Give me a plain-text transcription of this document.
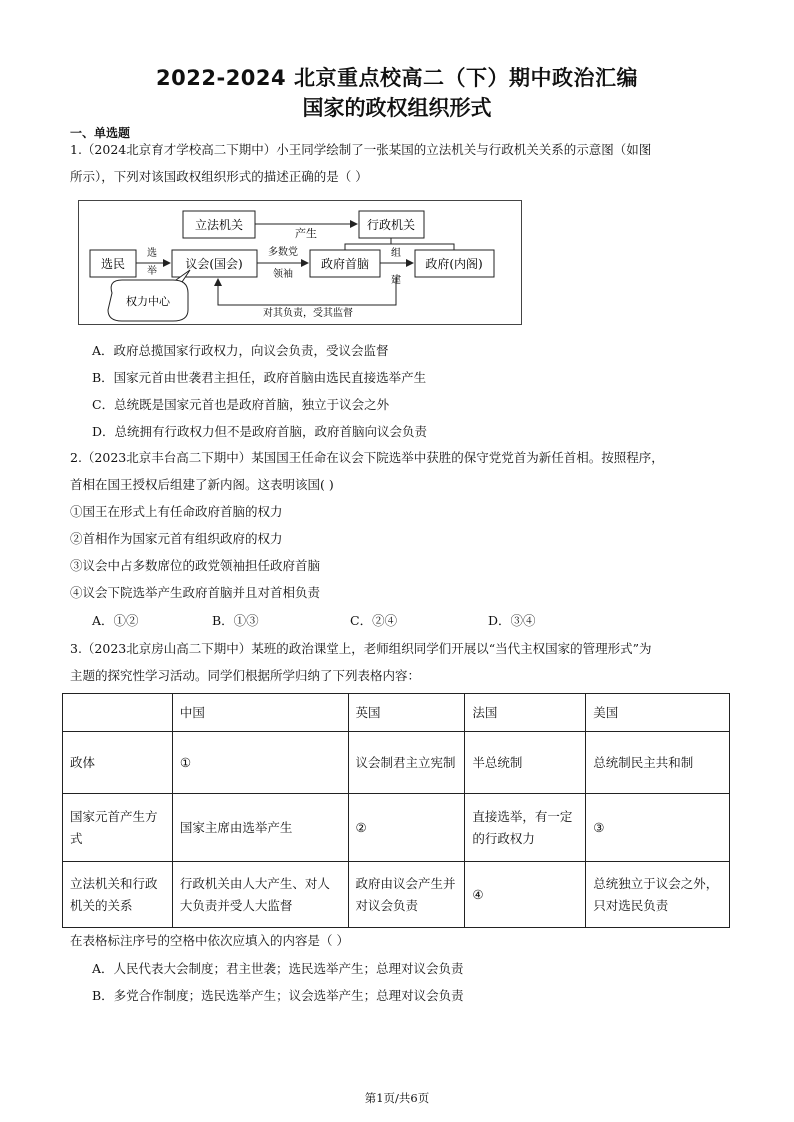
2022-2024 北京重点校高二（下）期中政治汇编
国家的政权组织形式
一、单选题
1.（2024北京育才学校高二下期中）小王同学绘制了一张某国的立法机关与行政机关关系的示意图（如图
所示），下列对该国政权组织形式的描述正确的是（ ）
立法机关	行政机关
选民	议会(国会)	政府首脑	政府(内阁)
权力中心
产生
选
举
多数党
领袖
组
建
对其负责，受其监督
A．政府总揽国家行政权力，向议会负责，受议会监督
B．国家元首由世袭君主担任，政府首脑由选民直接选举产生
C．总统既是国家元首也是政府首脑，独立于议会之外
D．总统拥有行政权力但不是政府首脑，政府首脑向议会负责
2.（2023北京丰台高二下期中）某国国王任命在议会下院选举中获胜的保守党党首为新任首相。按照程序，
首相在国王授权后组建了新内阁。这表明该国( )
①国王在形式上有任命政府首脑的权力
②首相作为国家元首有组织政府的权力
③议会中占多数席位的政党领袖担任政府首脑
④议会下院选举产生政府首脑并且对首相负责
A．①②	B．①③	C．②④	D．③④
3.（2023北京房山高二下期中）某班的政治课堂上，老师组织同学们开展以“当代主权国家的管理形式”为
主题的探究性学习活动。同学们根据所学归纳了下列表格内容：
	中国	英国	法国	美国
政体	①	议会制君主立宪制	半总统制	总统制民主共和制
国家元首产生方式	国家主席由选举产生	②	直接选举，有一定的行政权力	③
立法机关和行政机关的关系	行政机关由人大产生、对人大负责并受人大监督	政府由议会产生并对议会负责	④	总统独立于议会之外，只对选民负责
在表格标注序号的空格中依次应填入的内容是（ ）
A．人民代表大会制度；君主世袭；选民选举产生；总理对议会负责
B．多党合作制度；选民选举产生；议会选举产生；总理对议会负责
第1页/共6页
